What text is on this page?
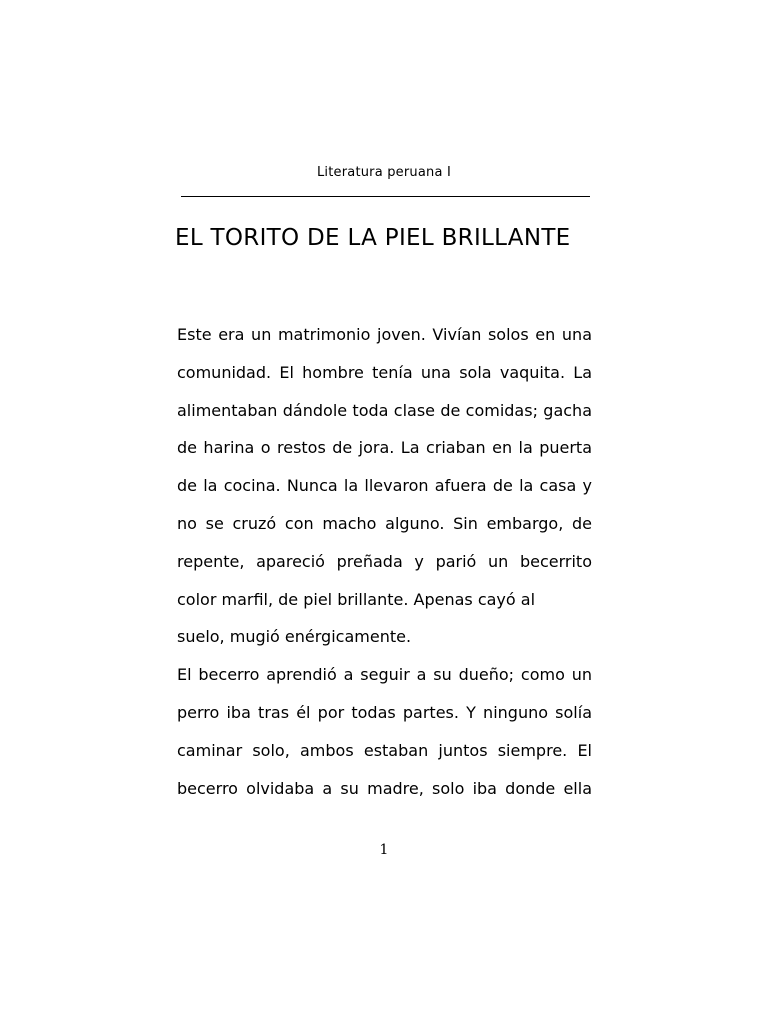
Literatura peruana I
EL TORITO DE LA PIEL BRILLANTE
Este era un matrimonio joven. Vivían solos en una
comunidad. El hombre tenía una sola vaquita. La
alimentaban dándole toda clase de comidas; gacha
de harina o restos de jora. La criaban en la puerta
de la cocina. Nunca la llevaron afuera de la casa y
no se cruzó con macho alguno. Sin embargo, de
repente, apareció preñada y parió un becerrito
color marfil, de piel brillante. Apenas cayó al
suelo, mugió enérgicamente.
El becerro aprendió a seguir a su dueño; como un
perro iba tras él por todas partes. Y ninguno solía
caminar solo, ambos estaban juntos siempre. El
becerro olvidaba a su madre, solo iba donde ella
1
